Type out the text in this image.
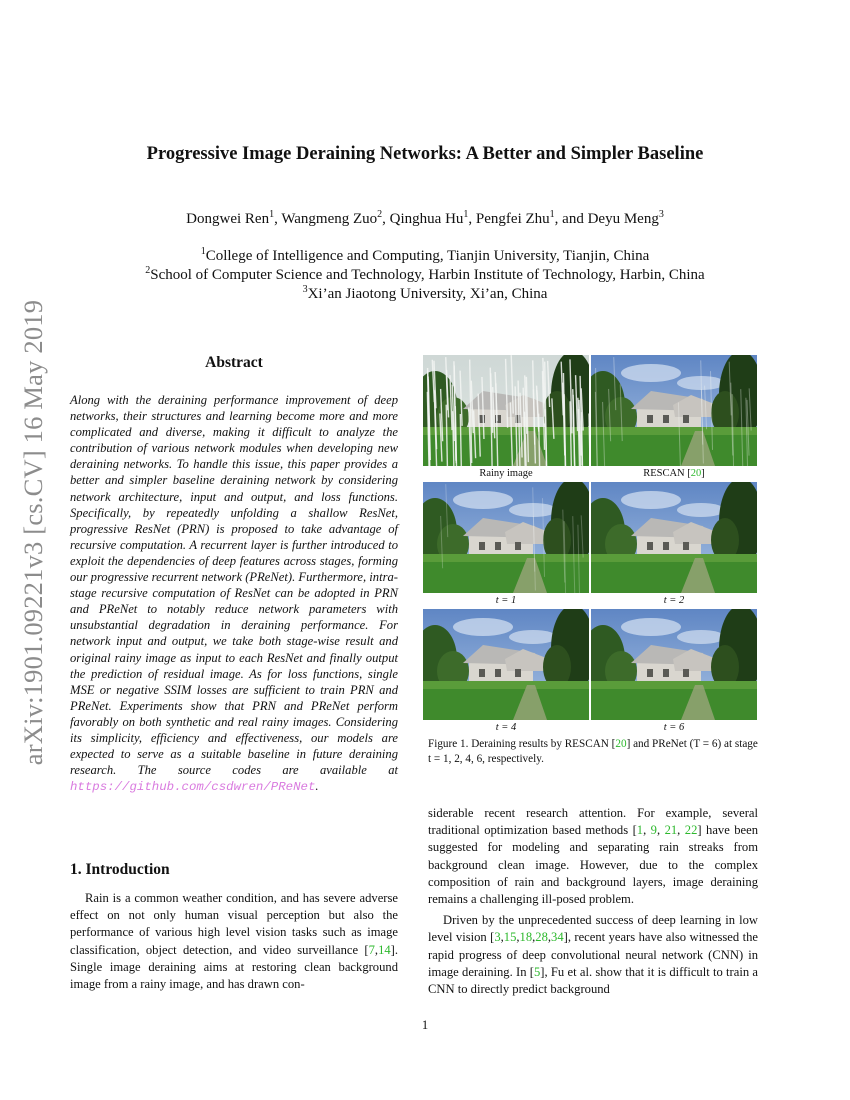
arXiv:1901.09221v3 [cs.CV] 16 May 2019
Progressive Image Deraining Networks: A Better and Simpler Baseline
Dongwei Ren$^1$, Wangmeng Zuo$^2$, Qinghua Hu$^1$, Pengfei Zhu$^1$, and Deyu Meng$^3$
$^1$College of Intelligence and Computing, Tianjin University, Tianjin, China
$^2$School of Computer Science and Technology, Harbin Institute of Technology, Harbin, China
$^3$Xi’an Jiaotong University, Xi’an, China
Abstract
Along with the deraining performance improvement of deep networks, their structures and learning become more and more complicated and diverse, making it difficult to analyze the contribution of various network modules when developing new deraining networks. To handle this issue, this paper provides a better and simpler baseline deraining network by considering network architecture, input and output, and loss functions. Specifically, by repeatedly unfolding a shallow ResNet, progressive ResNet (PRN) is proposed to take advantage of recursive computation. A recurrent layer is further introduced to exploit the dependencies of deep features across stages, forming our progressive recurrent network (PReNet). Furthermore, intra-stage recursive computation of ResNet can be adopted in PRN and PReNet to notably reduce network parameters with unsubstantial degradation in deraining performance. For network input and output, we take both stage-wise result and original rainy image as input to each ResNet and finally output the prediction of residual image. As for loss functions, single MSE or negative SSIM losses are sufficient to train PRN and PReNet. Experiments show that PRN and PReNet perform favorably on both synthetic and real rainy images. Considering its simplicity, efficiency and effectiveness, our models are expected to serve as a suitable baseline in future deraining research. The source codes are available at https://github.com/csdwren/PReNet.
Rainy image	RESCAN [20]
t = 1	t = 2
t = 4	t = 6
Figure 1. Deraining results by RESCAN [20] and PReNet (T = 6) at stage t = 1, 2, 4, 6, respectively.
1. Introduction

Rain is a common weather condition, and has severe adverse effect on not only human visual perception but also the performance of various high level vision tasks such as image classification, object detection, and video surveillance [7,14]. Single image deraining aims at restoring clean background image from a rainy image, and has drawn con-

siderable recent research attention. For example, several traditional optimization based methods [1, 9, 21, 22] have been suggested for modeling and separating rain streaks from background clean image. However, due to the complex composition of rain and background layers, image deraining remains a challenging ill-posed problem.

Driven by the unprecedented success of deep learning in low level vision [3,15,18,28,34], recent years have also witnessed the rapid progress of deep convolutional neural network (CNN) in image deraining. In [5], Fu et al. show that it is difficult to train a CNN to directly predict background

1
